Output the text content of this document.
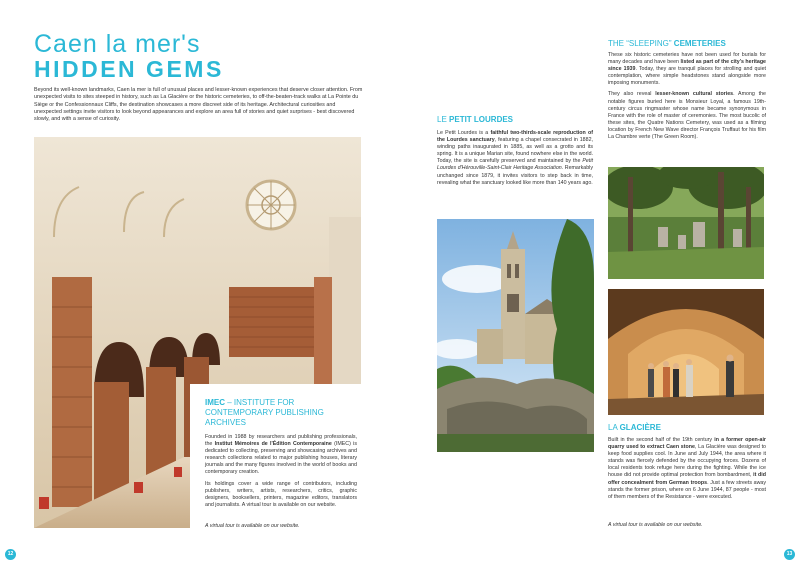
Caen la mer's
HIDDEN GEMS
Beyond its well-known landmarks, Caen la mer is full of unusual places and lesser-known experiences that deserve closer attention. From unexpected visits to sites steeped in history, such as La Glacière or the historic cemeteries, to off-the-beaten-track walks at La Pointe du Siège or the Confessionnaux Cliffs, the destination showcases a more discreet side of its heritage. Architectural curiosities and unexpected settings invite visitors to look beyond appearances and explore an area full of stories and quiet surprises - best discovered slowly, and with a sense of curiosity.
IMEC – INSTITUTE FOR CONTEMPORARY PUBLISHING ARCHIVES

Founded in 1988 by researchers and publishing professionals, the Institut Mémoires de l'Édition Contemporaine (IMEC) is dedicated to collecting, preserving and showcasing archives and research collections related to major publishing houses, literary journals and the many figures involved in the world of books and contemporary creation.

Its holdings cover a wide range of contributors, including publishers, writers, artists, researchers, critics, graphic designers, booksellers, printers, magazine editors, translators and journalists. A virtual tour is available on our website.

A virtual tour is available on our website.
LE PETIT LOURDES
Le Petit Lourdes is a faithful two-thirds-scale reproduction of the Lourdes sanctuary, featuring a chapel consecrated in 1882, winding paths inaugurated in 1885, as well as a grotto and its spring. It is a unique Marian site, found nowhere else in the world. Today, the site is carefully preserved and maintained by the Petit Lourdes d'Hérouville-Saint-Clair Heritage Association. Remarkably unchanged since 1879, it invites visitors to step back in time, revealing what the sanctuary looked like more than 140 years ago.
THE “SLEEPING” CEMETERIES

These six historic cemeteries have not been used for burials for many decades and have been listed as part of the city's heritage since 1939. Today, they are tranquil places for strolling and quiet contemplation, where simple headstones stand alongside more imposing monuments.

They also reveal lesser-known cultural stories. Among the notable figures buried here is Monsieur Loyal, a famous 19th-century circus ringmaster whose name became synonymous in France with the role of master of ceremonies. The most bucolic of these sites, the Quatre Nations Cemetery, was used as a filming location by French New Wave director François Truffaut for his film La Chambre verte (The Green Room).

LA GLACIÈRE
Built in the second half of the 19th century in a former open-air quarry used to extract Caen stone, La Glacière was designed to keep food supplies cool. In June and July 1944, the area where it stands was fiercely defended by the occupying forces. Dozens of local residents took refuge here during the fighting. While the ice house did not provide optimal protection from bombardment, it did offer concealment from German troops. Just a few streets away stands the former prison, where on 6 June 1944, 87 people - most of them members of the Resistance - were executed.
A virtual tour is available on our website.
12	13
